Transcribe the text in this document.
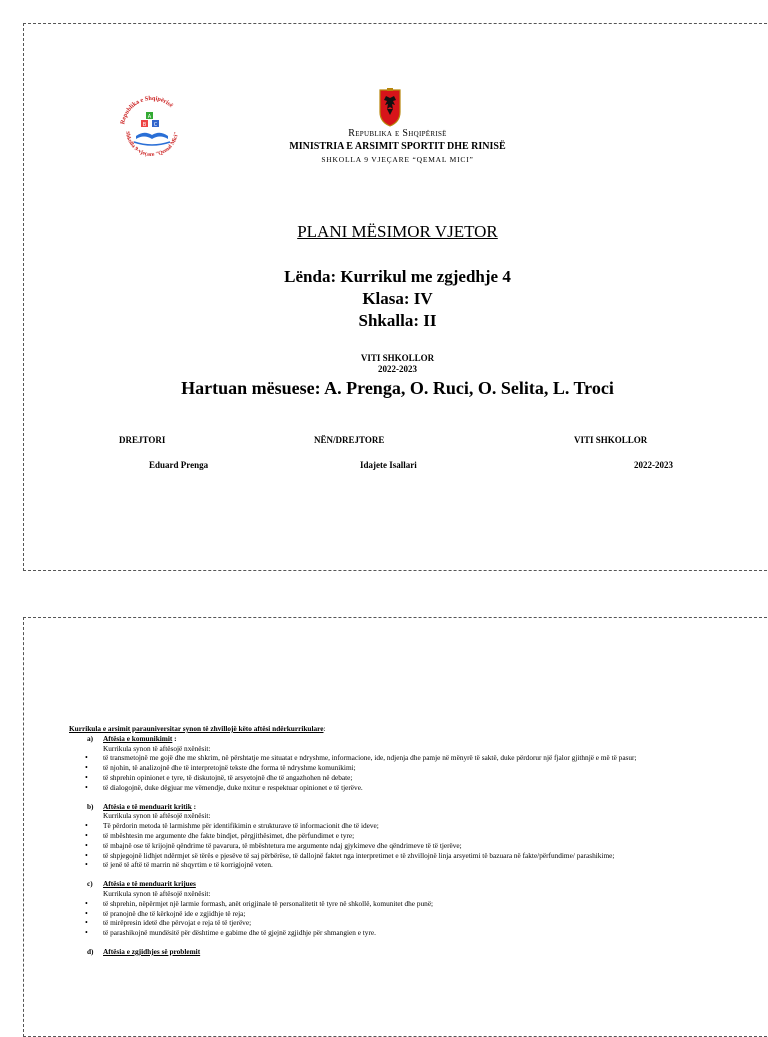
Republika e Shqipërisë
Shkolla 9-vjeçare "Qemal Mici"
A
B C
Republika e Shqipërisë
MINISTRIA E ARSIMIT SPORTIT DHE RINISË
SHKOLLA 9 VJEÇARE “QEMAL MICI”
PLANI MËSIMOR VJETOR
Lënda: Kurrikul me zgjedhje 4
Klasa: IV
Shkalla: II
VITI SHKOLLOR
2022-2023
Hartuan mësuese: A. Prenga, O. Ruci, O. Selita, L. Troci
DREJTORI	NËN/DREJTORE	VITI SHKOLLOR
Eduard Prenga	Idajete Isallari	2022-2023
Kurrikula e arsimit parauniversitar synon të zhvillojë këto aftësi ndërkurrikulare:
a) Aftësia e komunikimit :
Kurrikula synon të aftësojë nxënësit:
• të transmetojnë me gojë dhe me shkrim, në përshtatje me situatat e ndryshme, informacione, ide, ndjenja dhe pamje në mënyrë të saktë, duke përdorur një fjalor gjithnjë e më të pasur;
• të njohin, të analizojnë dhe të interpretojnë tekste dhe forma të ndryshme komunikimi;
• të shprehin opinionet e tyre, të diskutojnë, të arsyetojnë dhe të angazhohen në debate;
• të dialogojnë, duke dëgjuar me vëmendje, duke nxitur e respektuar opinionet e të tjerëve.
b) Aftësia e të menduarit kritik :
Kurrikula synon të aftësojë nxënësit:
• Të përdorin metoda të larmishme për identifikimin e strukturave të informacionit dhe të ideve;
• të mbështesin me argumente dhe fakte bindjet, përgjithësimet, dhe përfundimet e tyre;
• të mbajnë ose të krijojnë qëndrime të pavarura, të mbështetura me argumente ndaj gjykimeve dhe qëndrimeve të të tjerëve;
• të shpjegojnë lidhjet ndërmjet së tërës e pjesëve të saj përbërëse, të dallojnë faktet nga interpretimet e të zhvillojnë linja arsyetimi të bazuara në fakte/përfundime/ parashikime;
• të jenë të aftë të marrin në shqyrtim e të korrigjojnë veten.
c) Aftësia e të menduarit krijues
Kurrikula synon të aftësojë nxënësit:
• të shprehin, nëpërmjet një larmie formash, anët origjinale të personalitetit të tyre në shkollë, komunitet dhe punë;
• të pranojnë dhe të kërkojnë ide e zgjidhje të reja;
• të mirëpresin idetë dhe përvojat e reja të të tjerëve;
• të parashikojnë mundësitë për dështime e gabime dhe të gjejnë zgjidhje për shmangien e tyre.
d) Aftësia e zgjidhjes së problemit
